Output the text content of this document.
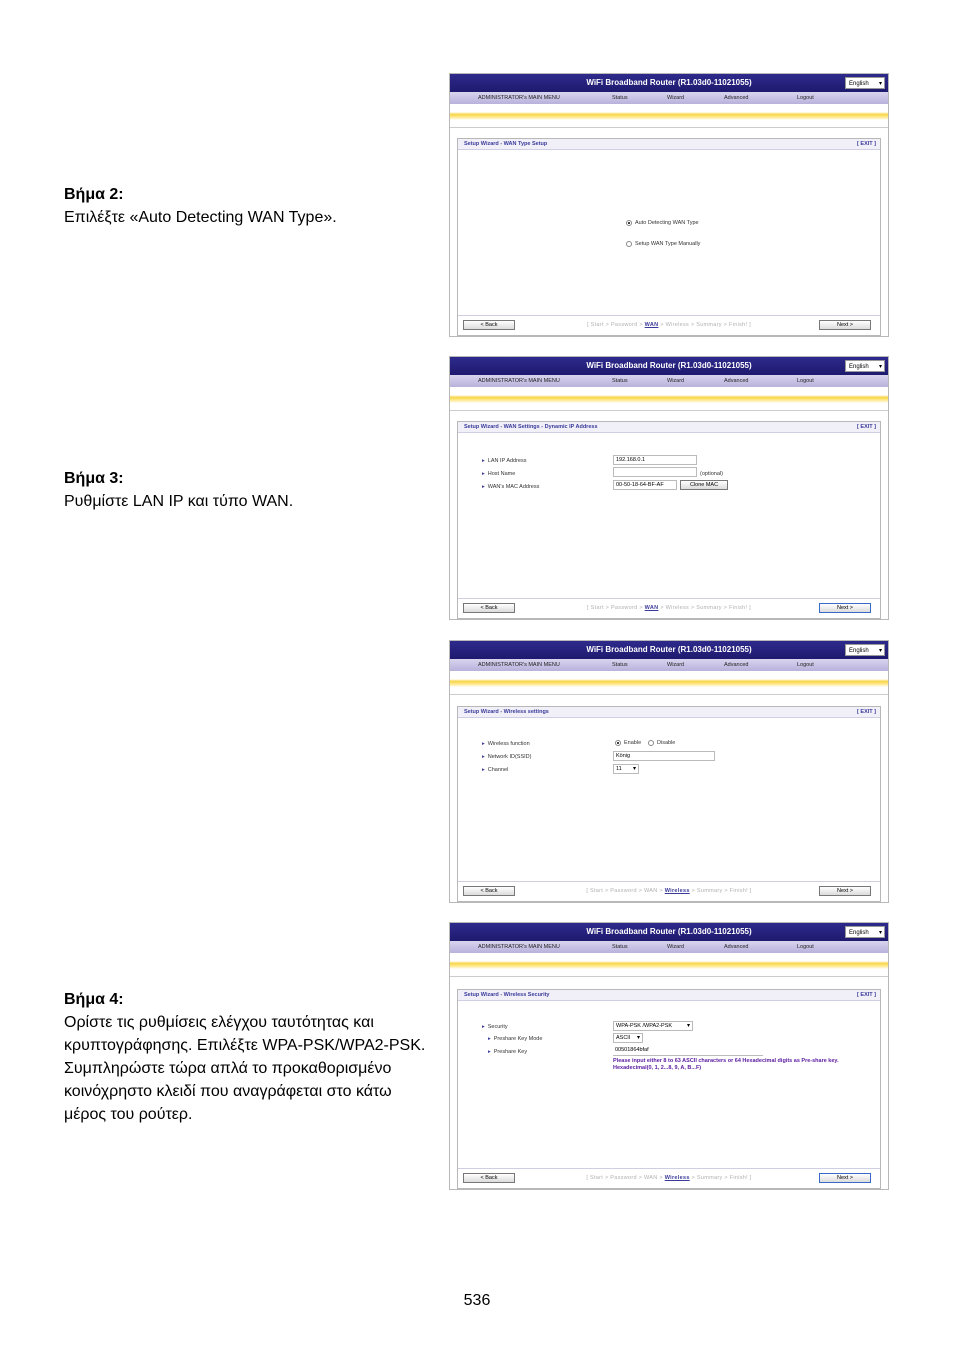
Βήμα 2:
Επιλέξτε «Auto Detecting WAN Type».
Βήμα 3:
Ρυθμίστε LAN IP και τύπο WAN.
Βήμα 4:
Ορίστε τις ρυθμίσεις ελέγχου ταυτότητας και κρυπτογράφησης. Επιλέξτε WPA-PSK/WPA2-PSK. Συμπληρώστε τώρα απλά το προκαθορισμένο κοινόχρηστο κλειδί που αναγράφεται στο κάτω μέρος του ρούτερ.
WiFi Broadband Router (R1.03d0-11021055)	English ▾
ADMINISTRATOR's MAIN MENU	Status	Wizard	Advanced	Logout
Setup Wizard - WAN Type Setup	[ EXIT ]
Auto Detecting WAN Type
Setup WAN Type Manually
< Back	[ Start > Password > WAN > Wireless > Summary > Finish! ]	Next >
WiFi Broadband Router (R1.03d0-11021055)	English ▾
ADMINISTRATOR's MAIN MENU	Status	Wizard	Advanced	Logout
Setup Wizard - WAN Settings - Dynamic IP Address	[ EXIT ]
▸ LAN IP Address	192.168.0.1
▸ Host Name	(optional)
▸ WAN's MAC Address	00-50-18-64-BF-AF	Clone MAC
< Back	[ Start > Password > WAN > Wireless > Summary > Finish! ]	Next >
WiFi Broadband Router (R1.03d0-11021055)	English ▾
ADMINISTRATOR's MAIN MENU	Status	Wizard	Advanced	Logout
Setup Wizard - Wireless settings	[ EXIT ]
▸ Wireless function	Enable	Disable
▸ Network ID(SSID)	König
▸ Channel	11 ▾
< Back	[ Start > Password > WAN > Wireless > Summary > Finish! ]	Next >
WiFi Broadband Router (R1.03d0-11021055)	English ▾
ADMINISTRATOR's MAIN MENU	Status	Wizard	Advanced	Logout
Setup Wizard - Wireless Security	[ EXIT ]
▸ Security	WPA-PSK /WPA2-PSK ▾
▸ Preshare Key Mode	ASCII ▾
▸ Preshare Key	00501864bfaf
Please input either 8 to 63 ASCII characters or 64 Hexadecimal digits as Pre-share key. Hexadecimal(0, 1, 2...8, 9, A, B...F)
< Back	[ Start > Password > WAN > Wireless > Summary > Finish! ]	Next >
536
